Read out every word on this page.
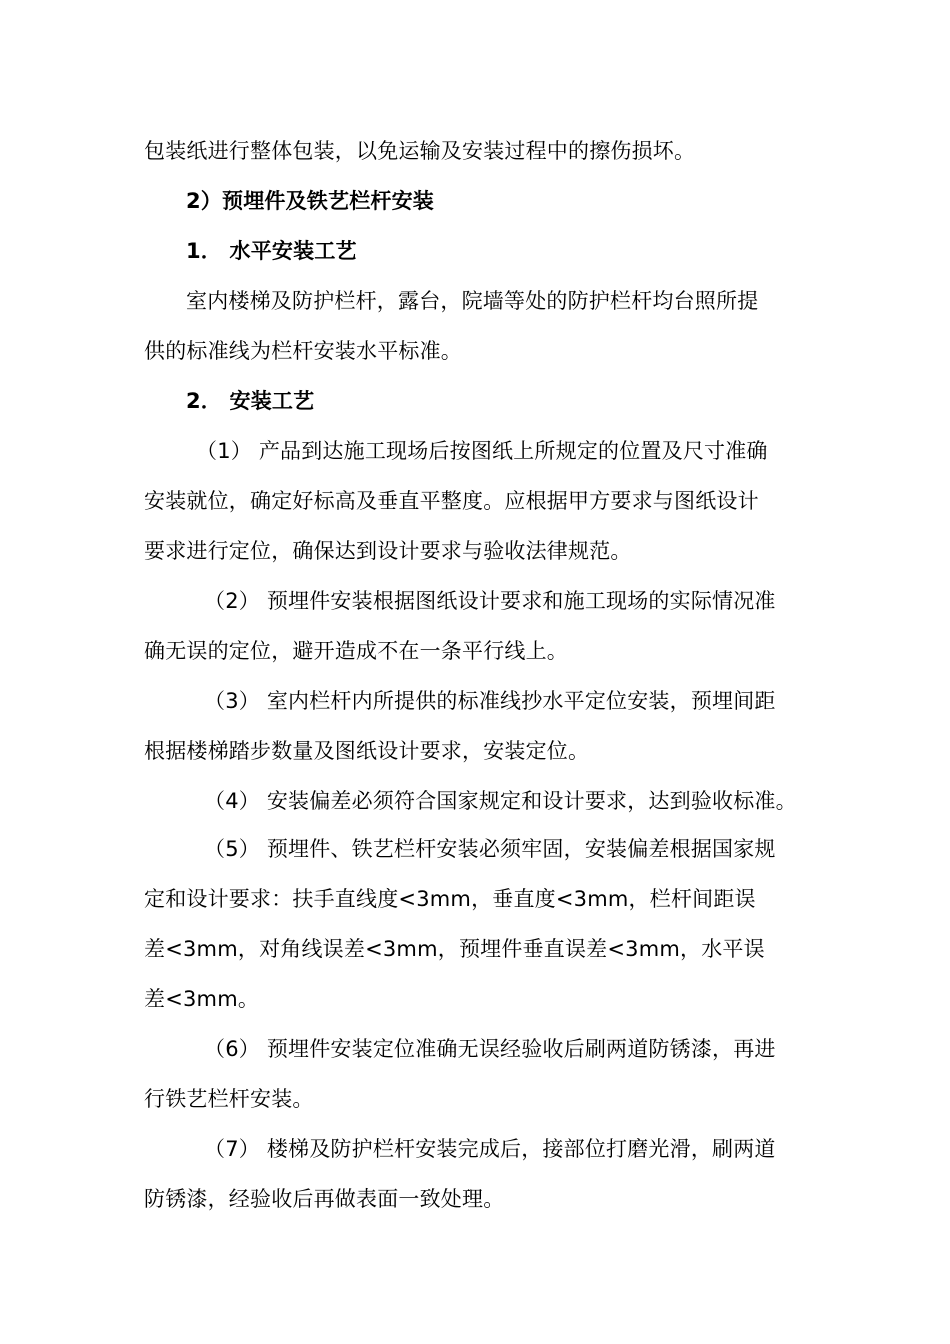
包装纸进行整体包装，以免运输及安装过程中的擦伤损坏。
2）预埋件及铁艺栏杆安装
1． 水平安装工艺
室内楼梯及防护栏杆，露台，院墙等处的防护栏杆均台照所提
供的标准线为栏杆安装水平标准。
2． 安装工艺
（1） 产品到达施工现场后按图纸上所规定的位置及尺寸准确
安装就位，确定好标高及垂直平整度。应根据甲方要求与图纸设计
要求进行定位，确保达到设计要求与验收法律规范。
（2） 预埋件安装根据图纸设计要求和施工现场的实际情况准
确无误的定位，避开造成不在一条平行线上。
（3） 室内栏杆内所提供的标准线抄水平定位安装，预埋间距
根据楼梯踏步数量及图纸设计要求，安装定位。
（4） 安装偏差必须符合国家规定和设计要求，达到验收标准。
（5） 预埋件、铁艺栏杆安装必须牢固，安装偏差根据国家规
定和设计要求：扶手直线度<3mm，垂直度<3mm，栏杆间距误
差<3mm，对角线误差<3mm，预埋件垂直误差<3mm，水平误
差<3mm。
（6） 预埋件安装定位准确无误经验收后刷两道防锈漆，再进
行铁艺栏杆安装。
（7） 楼梯及防护栏杆安装完成后，接部位打磨光滑，刷两道
防锈漆，经验收后再做表面一致处理。
